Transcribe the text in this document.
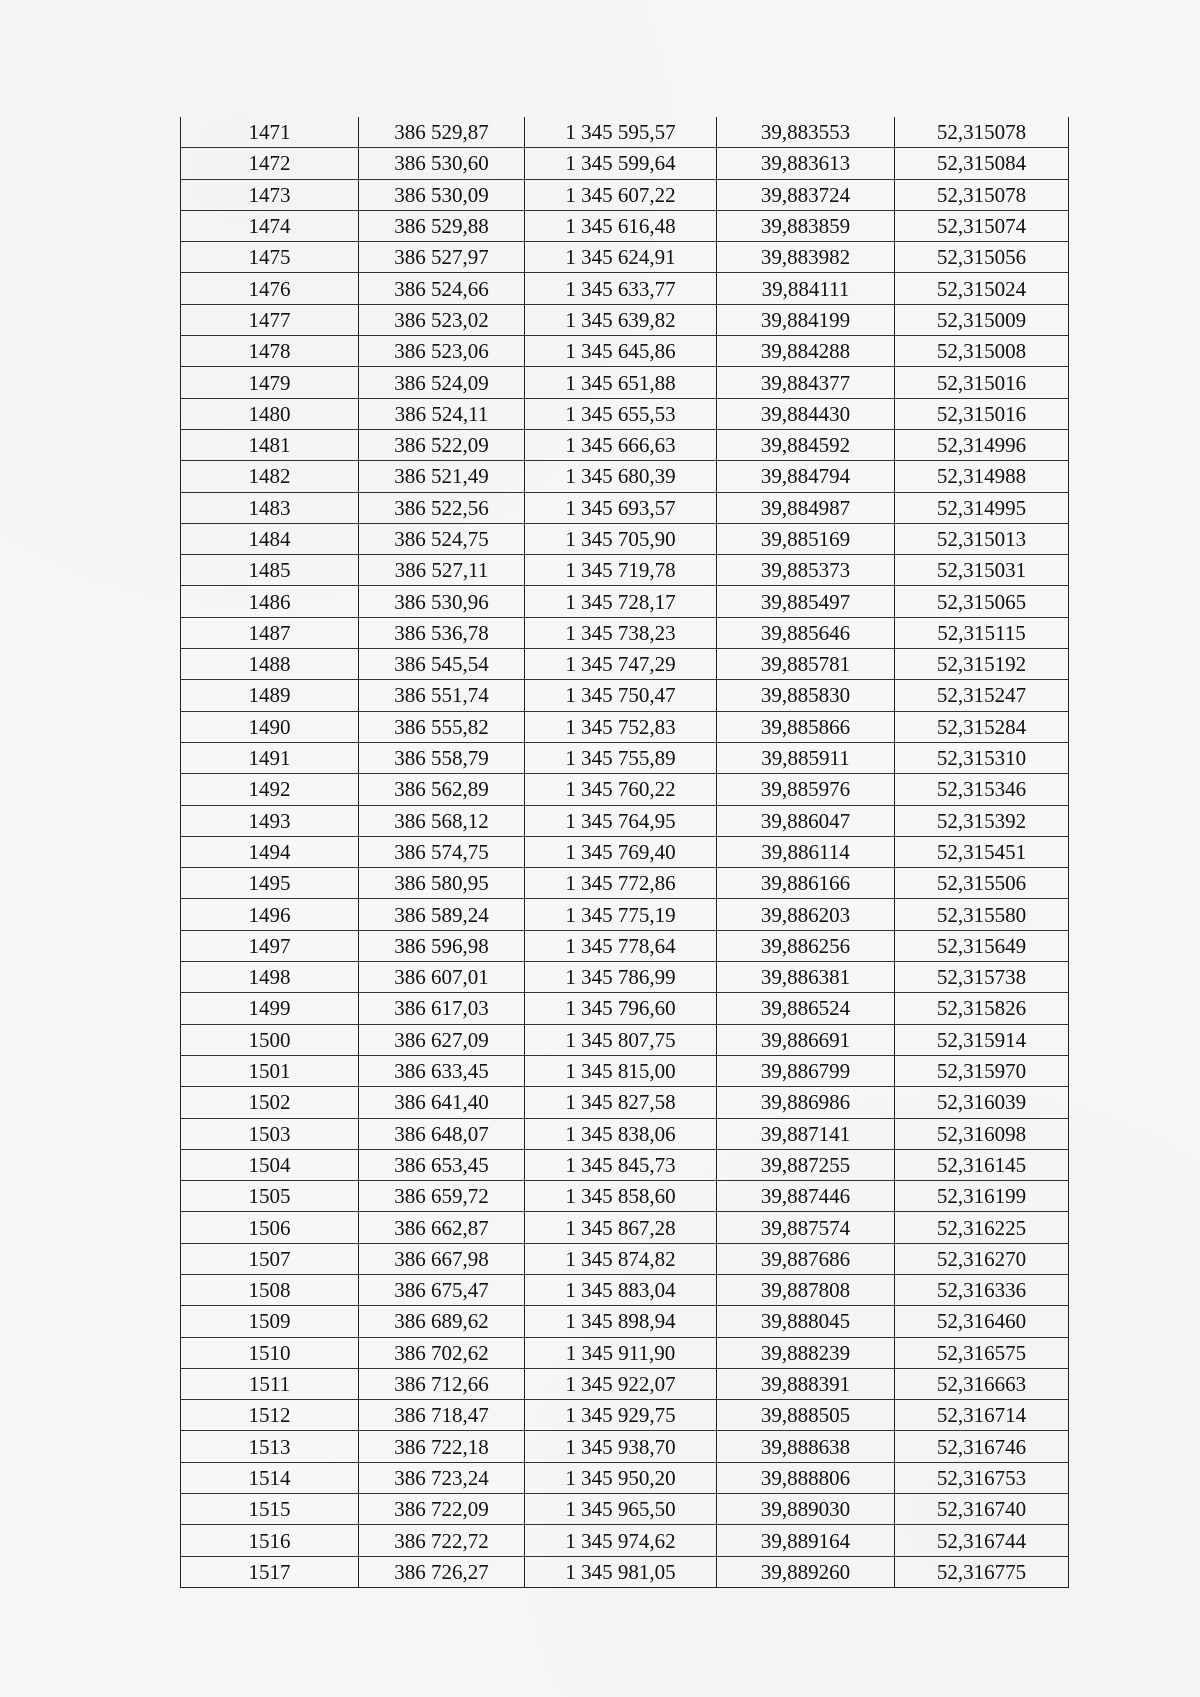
1471	386 529,87	1 345 595,57	39,883553	52,315078
1472	386 530,60	1 345 599,64	39,883613	52,315084
1473	386 530,09	1 345 607,22	39,883724	52,315078
1474	386 529,88	1 345 616,48	39,883859	52,315074
1475	386 527,97	1 345 624,91	39,883982	52,315056
1476	386 524,66	1 345 633,77	39,884111	52,315024
1477	386 523,02	1 345 639,82	39,884199	52,315009
1478	386 523,06	1 345 645,86	39,884288	52,315008
1479	386 524,09	1 345 651,88	39,884377	52,315016
1480	386 524,11	1 345 655,53	39,884430	52,315016
1481	386 522,09	1 345 666,63	39,884592	52,314996
1482	386 521,49	1 345 680,39	39,884794	52,314988
1483	386 522,56	1 345 693,57	39,884987	52,314995
1484	386 524,75	1 345 705,90	39,885169	52,315013
1485	386 527,11	1 345 719,78	39,885373	52,315031
1486	386 530,96	1 345 728,17	39,885497	52,315065
1487	386 536,78	1 345 738,23	39,885646	52,315115
1488	386 545,54	1 345 747,29	39,885781	52,315192
1489	386 551,74	1 345 750,47	39,885830	52,315247
1490	386 555,82	1 345 752,83	39,885866	52,315284
1491	386 558,79	1 345 755,89	39,885911	52,315310
1492	386 562,89	1 345 760,22	39,885976	52,315346
1493	386 568,12	1 345 764,95	39,886047	52,315392
1494	386 574,75	1 345 769,40	39,886114	52,315451
1495	386 580,95	1 345 772,86	39,886166	52,315506
1496	386 589,24	1 345 775,19	39,886203	52,315580
1497	386 596,98	1 345 778,64	39,886256	52,315649
1498	386 607,01	1 345 786,99	39,886381	52,315738
1499	386 617,03	1 345 796,60	39,886524	52,315826
1500	386 627,09	1 345 807,75	39,886691	52,315914
1501	386 633,45	1 345 815,00	39,886799	52,315970
1502	386 641,40	1 345 827,58	39,886986	52,316039
1503	386 648,07	1 345 838,06	39,887141	52,316098
1504	386 653,45	1 345 845,73	39,887255	52,316145
1505	386 659,72	1 345 858,60	39,887446	52,316199
1506	386 662,87	1 345 867,28	39,887574	52,316225
1507	386 667,98	1 345 874,82	39,887686	52,316270
1508	386 675,47	1 345 883,04	39,887808	52,316336
1509	386 689,62	1 345 898,94	39,888045	52,316460
1510	386 702,62	1 345 911,90	39,888239	52,316575
1511	386 712,66	1 345 922,07	39,888391	52,316663
1512	386 718,47	1 345 929,75	39,888505	52,316714
1513	386 722,18	1 345 938,70	39,888638	52,316746
1514	386 723,24	1 345 950,20	39,888806	52,316753
1515	386 722,09	1 345 965,50	39,889030	52,316740
1516	386 722,72	1 345 974,62	39,889164	52,316744
1517	386 726,27	1 345 981,05	39,889260	52,316775
